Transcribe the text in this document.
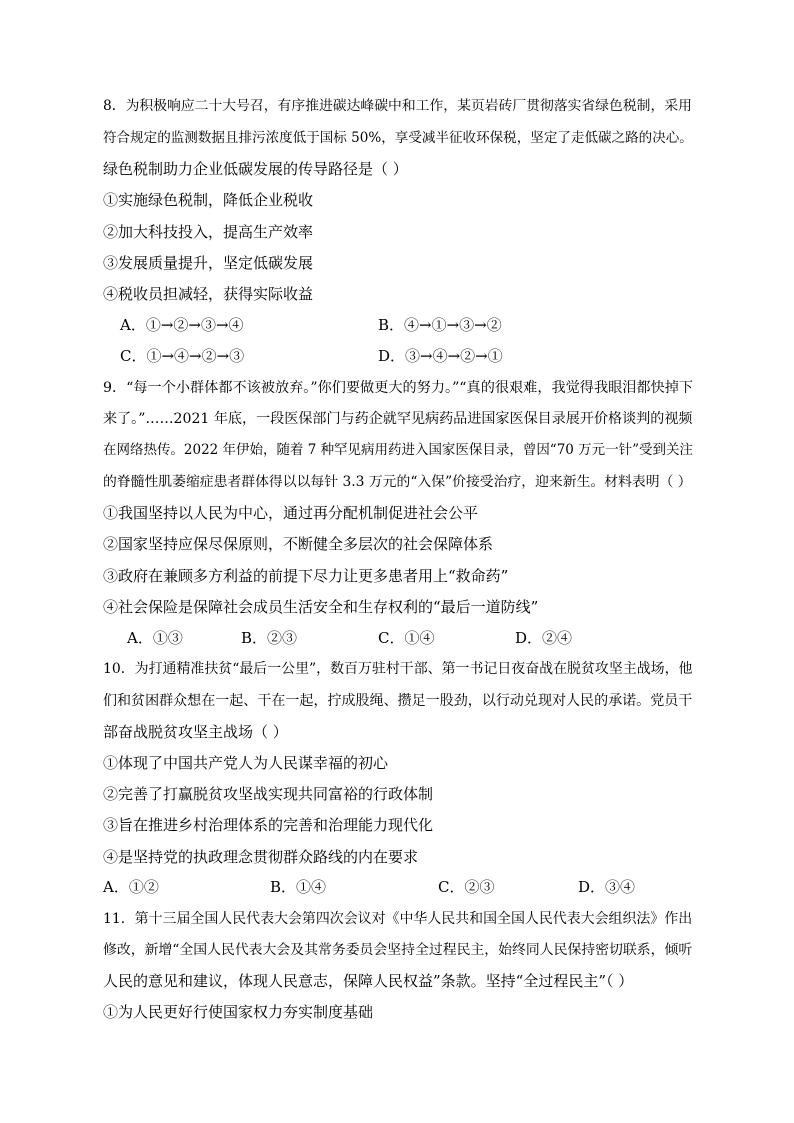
8．为积极响应二十大号召，有序推进碳达峰碳中和工作，某页岩砖厂贯彻落实省绿色税制，采用
符合规定的监测数据且排污浓度低于国标 50%，享受减半征收环保税，坚定了走低碳之路的决心。
绿色税制助力企业低碳发展的传导路径是（ ）
①实施绿色税制，降低企业税收
②加大科技投入，提高生产效率
③发展质量提升，坚定低碳发展
④税收员担减轻，获得实际收益
A．①→②→③→④	B．④→①→③→②
C．①→④→②→③	D．③→④→②→①
9．“每一个小群体都不该被放弃。”你们要做更大的努力。”“真的很艰难，我觉得我眼泪都快掉下
来了。”……2021 年底，一段医保部门与药企就罕见病药品进国家医保目录展开价格谈判的视频
在网络热传。2022 年伊始，随着 7 种罕见病用药进入国家医保目录，曾因“70 万元一针”受到关注
的脊髓性肌萎缩症患者群体得以以每针 3.3 万元的“入保”价接受治疗，迎来新生。材料表明（ ）
①我国坚持以人民为中心，通过再分配机制促进社会公平
②国家坚持应保尽保原则，不断健全多层次的社会保障体系
③政府在兼顾多方利益的前提下尽力让更多患者用上“救命药”
④社会保险是保障社会成员生活安全和生存权利的“最后一道防线”
A．①③	B．②③	C．①④	D．②④
10．为打通精准扶贫“最后一公里”，数百万驻村干部、第一书记日夜奋战在脱贫攻坚主战场，他
们和贫困群众想在一起、干在一起，拧成股绳、攒足一股劲，以行动兑现对人民的承诺。党员干
部奋战脱贫攻坚主战场（ ）
①体现了中国共产党人为人民谋幸福的初心
②完善了打赢脱贫攻坚战实现共同富裕的行政体制
③旨在推进乡村治理体系的完善和治理能力现代化
④是坚持党的执政理念贯彻群众路线的内在要求
A．①②	B．①④	C．②③	D．③④
11．第十三届全国人民代表大会第四次会议对《中华人民共和国全国人民代表大会组织法》作出
修改，新增“全国人民代表大会及其常务委员会坚持全过程民主，始终同人民保持密切联系，倾听
人民的意见和建议，体现人民意志，保障人民权益”条款。坚持“全过程民主”（ ）
①为人民更好行使国家权力夯实制度基础
